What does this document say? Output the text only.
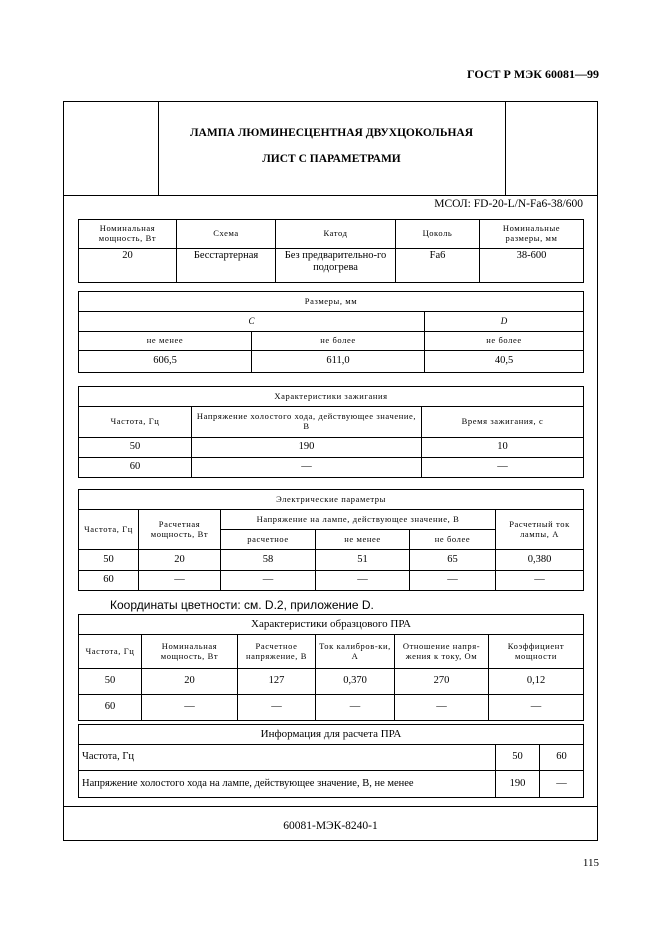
ГОСТ Р МЭК 60081—99
ЛАМПА ЛЮМИНЕСЦЕНТНАЯ ДВУХЦОКОЛЬНАЯ
ЛИСТ С ПАРАМЕТРАМИ
МСОЛ: FD-20-L/N-Fa6-38/600
Номинальная мощность, Вт	Схема	Катод	Цоколь	Номинальные размеры, мм
20	Бесстартерная	Без предварительно-го подогрева	Fa6	38-600
Размеры, мм		
C		D
не менее	не более	не более
606,5	611,0	40,5
Характеристики зажигания		
Частота, Гц	Напряжение холостого хода, действующее значение, В	Время зажигания, с
50	190	10
60	—	—
Электрические параметры					
Частота, Гц	Расчетная мощность, Вт	Напряжение на лампе, действующее значение, В			Расчетный ток лампы, А
		расчетное	не менее	не более	
50	20	58	51	65	0,380
60	—	—	—	—	—
Координаты цветности: см. D.2, приложение D.
Характеристики образцового ПРА					
Частота, Гц	Номинальная мощность, Вт	Расчетное напряжение, В	Ток калибров-ки, А	Отношение напря-жения к току, Ом	Коэффициент мощности
50	20	127	0,370	270	0,12
60	—	—	—	—	—
Информация для расчета ПРА		
Частота, Гц	50	60
Напряжение холостого хода на лампе, действующее значение, В, не менее	190	—
60081-МЭК-8240-1
115
